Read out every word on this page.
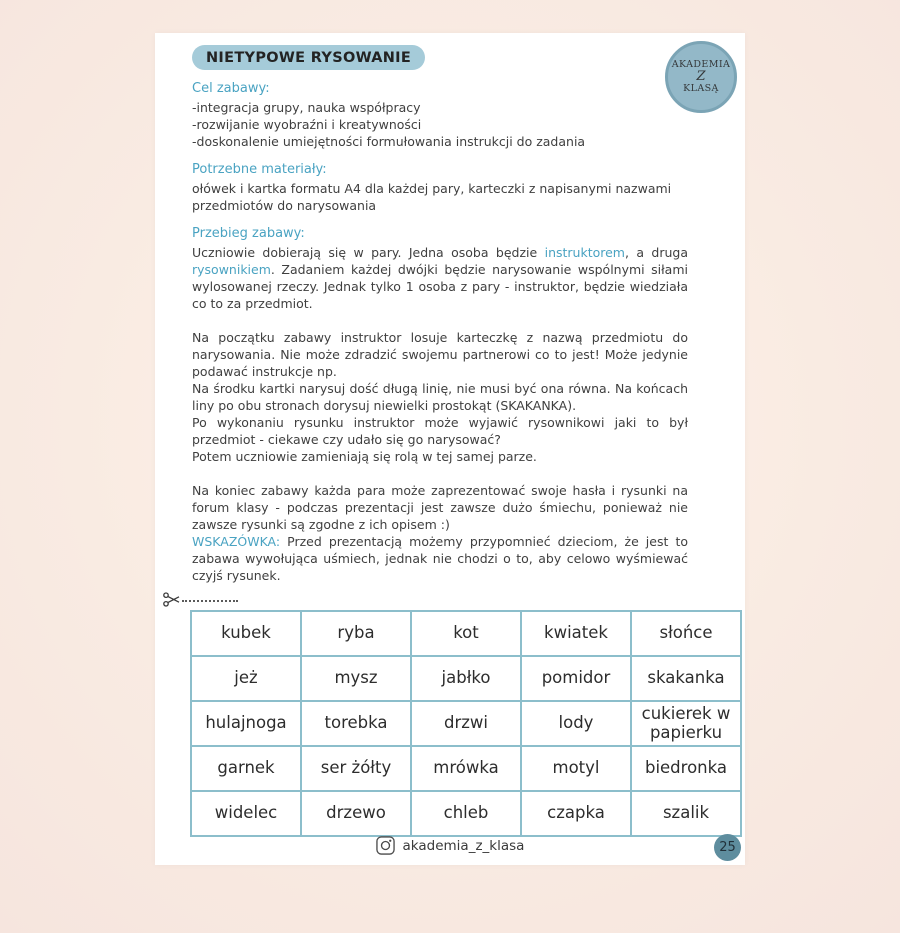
NIETYPOWE RYSOWANIE	AKADEMIA
Z
KLASĄ
Cel zabawy:
-integracja grupy, nauka współpracy
-rozwijanie wyobraźni i kreatywności
-doskonalenie umiejętności formułowania instrukcji do zadania
Potrzebne materiały:

ołówek i kartka formatu A4 dla każdej pary, karteczki z napisanymi nazwami przedmiotów do narysowania

Przebieg zabawy:

Uczniowie dobierają się w pary. Jedna osoba będzie instruktorem, a druga rysownikiem. Zadaniem każdej dwójki będzie narysowanie wspólnymi siłami wylosowanej rzeczy. Jednak tylko 1 osoba z pary - instruktor, będzie wiedziała co to za przedmiot.

Na początku zabawy instruktor losuje karteczkę z nazwą przedmiotu do narysowania. Nie może zdradzić swojemu partnerowi co to jest! Może jedynie podawać instrukcje np.

Na środku kartki narysuj dość długą linię, nie musi być ona równa. Na końcach liny po obu stronach dorysuj niewielki prostokąt (SKAKANKA).

Po wykonaniu rysunku instruktor może wyjawić rysownikowi jaki to był przedmiot - ciekawe czy udało się go narysować?

Potem uczniowie zamieniają się rolą w tej samej parze.

Na koniec zabawy każda para może zaprezentować swoje hasła i rysunki na forum klasy - podczas prezentacji jest zawsze dużo śmiechu, ponieważ nie zawsze rysunki są zgodne z ich opisem :)

WSKAZÓWKA: Przed prezentacją możemy przypomnieć dzieciom, że jest to zabawa wywołująca uśmiech, jednak nie chodzi o to, aby celowo wyśmiewać czyjś rysunek.

kubek	ryba	kot	kwiatek	słońce
jeż	mysz	jabłko	pomidor	skakanka
hulajnoga	torebka	drzwi	lody	cukierek w papierku
garnek	ser żółty	mrówka	motyl	biedronka
widelec	drzewo	chleb	czapka	szalik
akademia_z_klasa	25
